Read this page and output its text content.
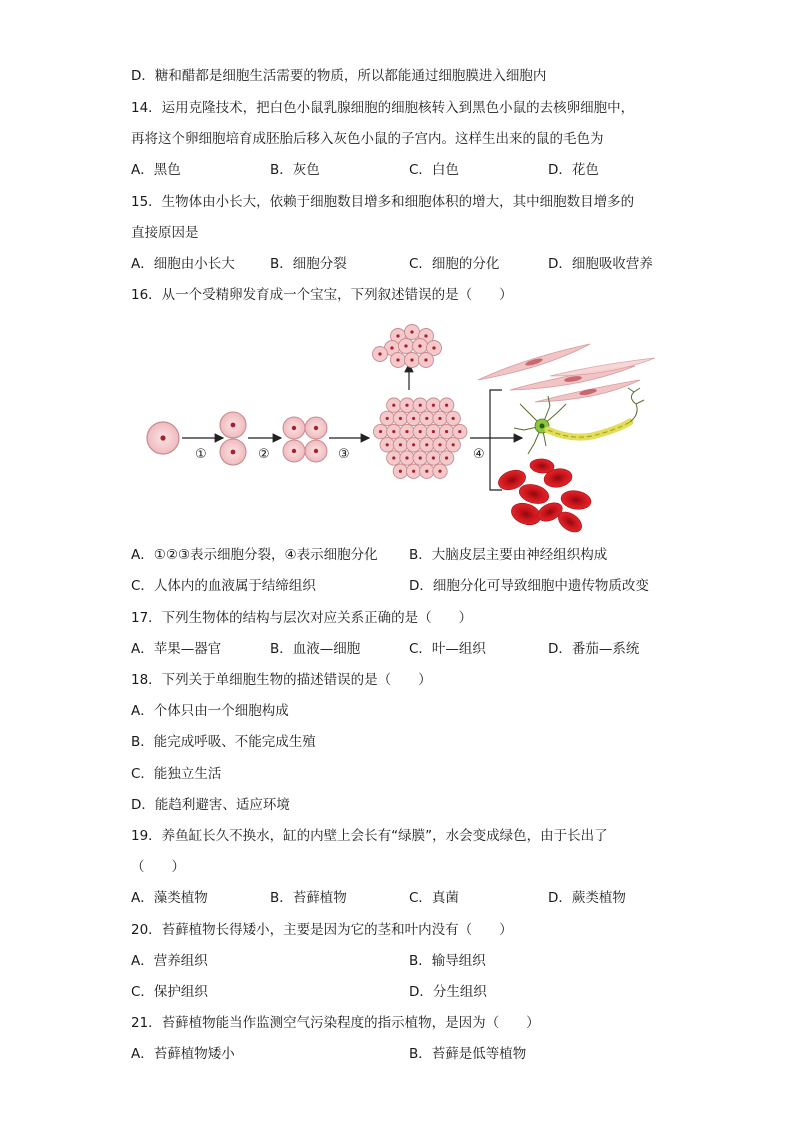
D．糖和醋都是细胞生活需要的物质，所以都能通过细胞膜进入细胞内
14．运用克隆技术，把白色小鼠乳腺细胞的细胞核转入到黑色小鼠的去核卵细胞中，
再将这个卵细胞培育成胚胎后移入灰色小鼠的子宫内。这样生出来的鼠的毛色为
A．黑色	B．灰色	C．白色	D．花色
15．生物体由小长大，依赖于细胞数目增多和细胞体积的增大，其中细胞数目增多的
直接原因是
A．细胞由小长大	B．细胞分裂	C．细胞的分化	D．细胞吸收营养
16．从一个受精卵发育成一个宝宝，下列叙述错误的是（　　）
①	②	③	④
A．①②③表示细胞分裂，④表示细胞分化 B．大脑皮层主要由神经组织构成
C．人体内的血液属于结缔组织	D．细胞分化可导致细胞中遗传物质改变
17．下列生物体的结构与层次对应关系正确的是（　　）
A．苹果—器官	B．血液—细胞	C．叶—组织	D．番茄—系统
18．下列关于单细胞生物的描述错误的是（　　）
A．个体只由一个细胞构成
B．能完成呼吸、不能完成生殖
C．能独立生活
D．能趋利避害、适应环境
19．养鱼缸长久不换水，缸的内壁上会长有“绿膜”，水会变成绿色，由于长出了
（　　）
A．藻类植物	B．苔藓植物	C．真菌	D．蕨类植物
20．苔藓植物长得矮小，主要是因为它的茎和叶内没有（　　）
A．营养组织	B．输导组织
C．保护组织	D．分生组织
21．苔藓植物能当作监测空气污染程度的指示植物，是因为（　　）
A．苔藓植物矮小	B．苔藓是低等植物
